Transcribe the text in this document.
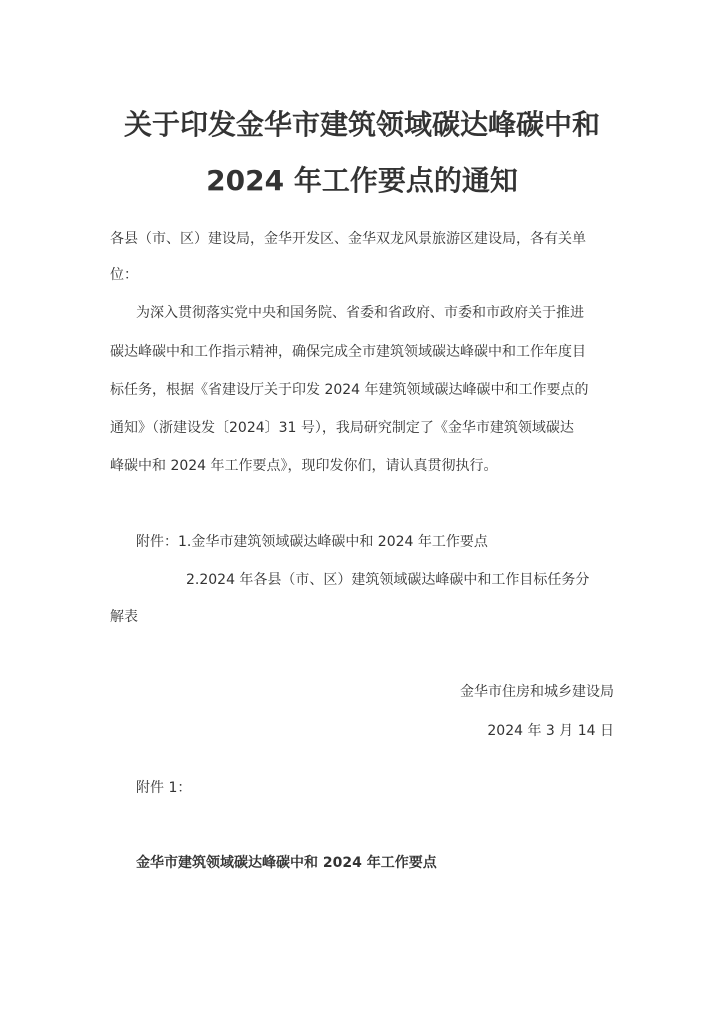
关于印发金华市建筑领域碳达峰碳中和
2024 年工作要点的通知
各县（市、区）建设局，金华开发区、金华双龙风景旅游区建设局，各有关单
位：
为深入贯彻落实党中央和国务院、省委和省政府、市委和市政府关于推进
碳达峰碳中和工作指示精神，确保完成全市建筑领域碳达峰碳中和工作年度目
标任务，根据《省建设厅关于印发 2024 年建筑领域碳达峰碳中和工作要点的
通知》（浙建设发〔2024〕31 号），我局研究制定了《金华市建筑领域碳达
峰碳中和 2024 年工作要点》，现印发你们，请认真贯彻执行。
附件：1.金华市建筑领域碳达峰碳中和 2024 年工作要点
2.2024 年各县（市、区）建筑领域碳达峰碳中和工作目标任务分
解表
金华市住房和城乡建设局
2024 年 3 月 14 日
附件 1：
金华市建筑领域碳达峰碳中和 2024 年工作要点
